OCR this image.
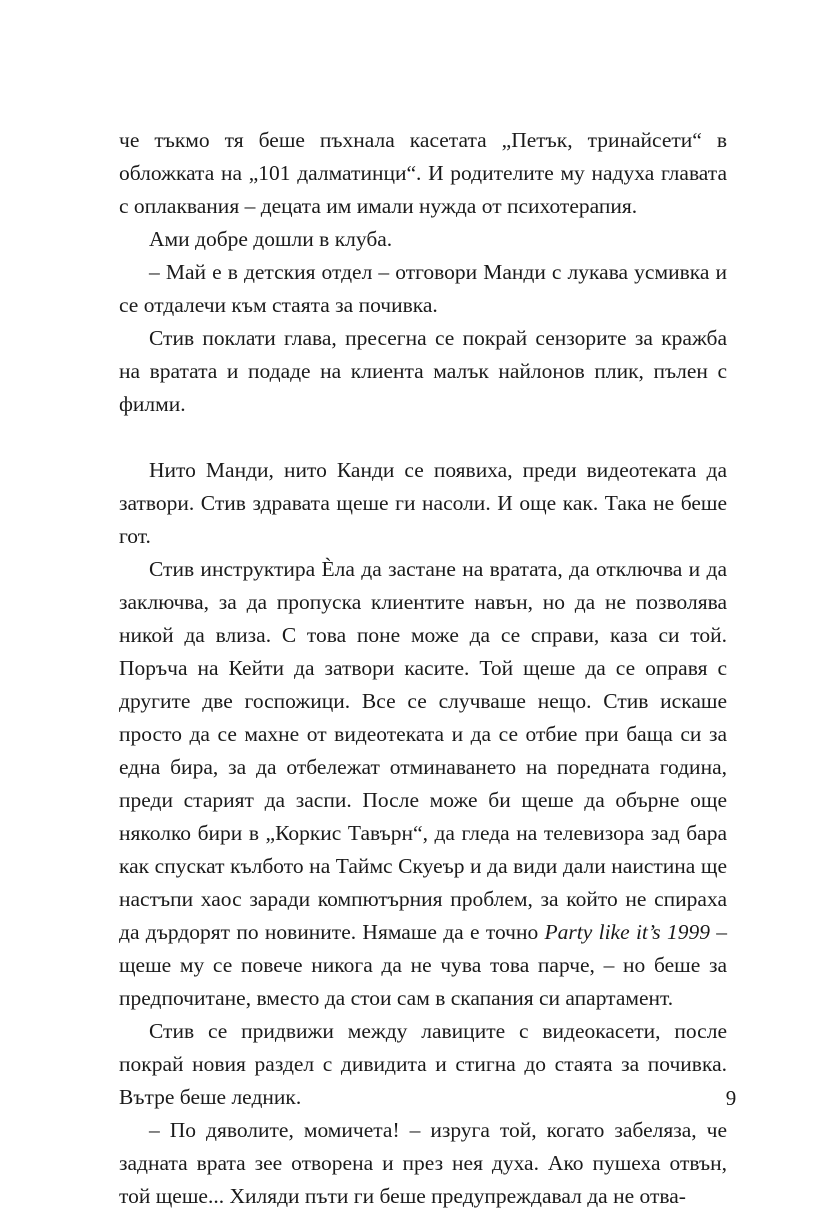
че тъкмо тя беше пъхнала касетата „Петък, тринайсети“ в обложката на „101 далматинци“. И родителите му надуха главата с оплаквания – децата им имали нужда от психотерапия.

Ами добре дошли в клуба.

– Май е в детския отдел – отговори Манди с лукава усмивка и се отдалечи към стаята за почивка.

Стив поклати глава, пресегна се покрай сензорите за кражба на вратата и подаде на клиента малък найлонов плик, пълен с филми.

Нито Манди, нито Канди се появиха, преди видеотеката да затвори. Стив здравата щеше ги насоли. И още как. Така не беше гот.

Стив инструктира Ѐла да застане на вратата, да отключва и да заключва, за да пропуска клиентите навън, но да не позволява никой да влиза. С това поне може да се справи, каза си той. Поръча на Кейти да затвори касите. Той щеше да се оправя с другите две госпожици. Все се случваше нещо. Стив искаше просто да се махне от видеотеката и да се отбие при баща си за една бира, за да отбележат отминаването на поредната година, преди старият да заспи. После може би щеше да обърне още няколко бири в „Коркис Тавърн“, да гледа на телевизора зад бара как спускат кълбото на Таймс Скуеър и да види дали наистина ще настъпи хаос заради компютърния проблем, за който не спираха да дърдорят по новините. Нямаше да е точно Party like it’s 1999 – щеше му се повече никога да не чува това парче, – но беше за предпочитане, вместо да стои сам в скапания си апартамент.

Стив се придвижи между лавиците с видеокасети, после покрай новия раздел с дивидита и стигна до стаята за почивка. Вътре беше ледник.

– По дяволите, момичета! – изруга той, когато забеляза, че задната врата зее отворена и през нея духа. Ако пушеха отвън, той щеше... Хиляди пъти ги беше предупреждавал да не отва-

9
